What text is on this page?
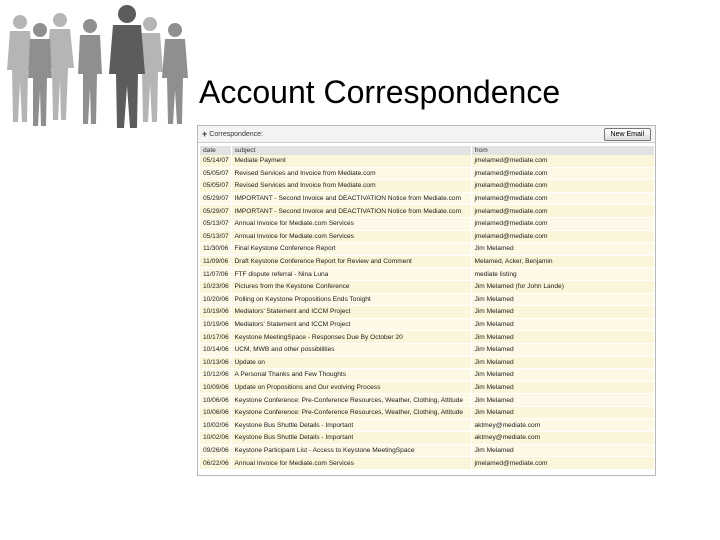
Account Correspondence
+ Correspondence:	New Email
date	subject	from
05/14/07	Mediate Payment	jmelamed@mediate.com
05/05/07	Revised Services and Invoice from Mediate.com	jmelamed@mediate.com
05/05/07	Revised Services and Invoice from Mediate.com	jmelamed@mediate.com
05/29/07	IMPORTANT - Second Invoice and DEACTIVATION Notice from Mediate.com	jmelamed@mediate.com
05/29/07	IMPORTANT - Second Invoice and DEACTIVATION Notice from Mediate.com	jmelamed@mediate.com
05/13/07	Annual Invoice for Mediate.com Services	jmelamed@mediate.com
05/13/07	Annual Invoice for Mediate.com Services	jmelamed@mediate.com
11/30/06	Final Keystone Conference Report	Jim Melamed
11/09/06	Draft Keystone Conference Report for Review and Comment	Melamed, Acker, Benjamin
11/07/06	FTF dispute referral - Nina Luna	mediate listing
10/23/06	Pictures from the Keystone Conference	Jim Melamed (for John Lande)
10/20/06	Polling on Keystone Propositions Ends Tonight	Jim Melamed
10/19/06	Mediators' Statement and ICCM Project	Jim Melamed
10/19/06	Mediators' Statement and ICCM Project	Jim Melamed
10/17/06	Keystone MeetingSpace - Responses Due By October 20	Jim Melamed
10/14/06	UCM, MWB and other possibilities	Jim Melamed
10/13/06	Update on	Jim Melamed
10/12/06	A Personal Thanks and Few Thoughts	Jim Melamed
10/09/06	Update on Propositions and Our evolving Process	Jim Melamed
10/06/06	Keystone Conference: Pre-Conference Resources, Weather, Clothing, Attitude	Jim Melamed
10/06/06	Keystone Conference: Pre-Conference Resources, Weather, Clothing, Attitude	Jim Melamed
10/02/06	Keystone Bus Shuttle Details - Important	aktmey@mediate.com
10/02/06	Keystone Bus Shuttle Details - Important	aktmey@mediate.com
09/26/06	Keystone Participant List - Access to Keystone MeetingSpace	Jim Melamed
06/22/06	Annual Invoice for Mediate.com Services	jmelamed@mediate.com
